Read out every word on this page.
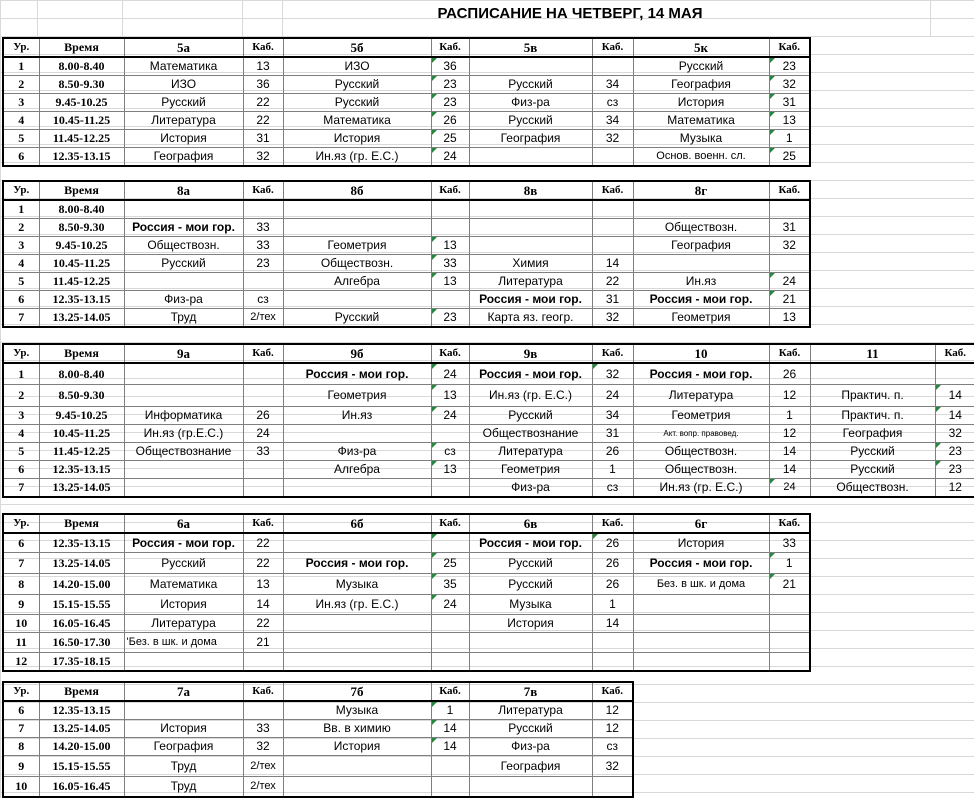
РАСПИСАНИЕ НА ЧЕТВЕРГ, 14 МАЯ
Ур.	Время	5а	Каб.	5б	Каб.	5в	Каб.	5к	Каб.
1	8.00-8.40	Математика	13	ИЗО	36			Русский	23
2	8.50-9.30	ИЗО	36	Русский	23	Русский	34	География	32
3	9.45-10.25	Русский	22	Русский	23	Физ-ра	сз	История	31
4	10.45-11.25	Литература	22	Математика	26	Русский	34	Математика	13
5	11.45-12.25	История	31	История	25	География	32	Музыка	1
6	12.35-13.15	География	32	Ин.яз (гр. Е.С.)	24			Основ. военн. сл.	25
Ур.	Время	8а	Каб.	8б	Каб.	8в	Каб.	8г	Каб.
1	8.00-8.40								
2	8.50-9.30	Россия - мои гор.	33					Обществозн.	31
3	9.45-10.25	Обществозн.	33	Геометрия	13			География	32
4	10.45-11.25	Русский	23	Обществозн.	33	Химия	14		
5	11.45-12.25			Алгебра	13	Литература	22	Ин.яз	24
6	12.35-13.15	Физ-ра	сз			Россия - мои гор.	31	Россия - мои гор.	21
7	13.25-14.05	Труд	2/тех	Русский	23	Карта яз. геогр.	32	Геометрия	13
Ур.	Время	9а	Каб.	9б	Каб.	9в	Каб.	10	Каб.	11	Каб.
1	8.00-8.40			Россия - мои гор.	24	Россия - мои гор.	32	Россия - мои гор.	26		
2	8.50-9.30			Геометрия	13	Ин.яз (гр. Е.С.)	24	Литература	12	Практич. п.	14
3	9.45-10.25	Информатика	26	Ин.яз	24	Русский	34	Геометрия	1	Практич. п.	14
4	10.45-11.25	Ин.яз (гр.Е.С.)	24			Обществознание	31	Акт. вопр. правовед.	12	География	32
5	11.45-12.25	Обществознание	33	Физ-ра	сз	Литература	26	Обществозн.	14	Русский	23
6	12.35-13.15			Алгебра	13	Геометрия	1	Обществозн.	14	Русский	23
7	13.25-14.05					Физ-ра	сз	Ин.яз (гр. Е.С.)	24	Обществозн.	12
Ур.	Время	6а	Каб.	6б	Каб.	6в	Каб.	6г	Каб.
6	12.35-13.15	Россия - мои гор.	22			Россия - мои гор.	26	История	33
7	13.25-14.05	Русский	22	Россия - мои гор.	25	Русский	26	Россия - мои гор.	1
8	14.20-15.00	Математика	13	Музыка	35	Русский	26	Без. в шк. и дома	21
9	15.15-15.55	История	14	Ин.яз (гр. Е.С.)	24	Музыка	1		
10	16.05-16.45	Литература	22			История	14		
11	16.50-17.30	'Без. в шк. и дома	21						
12	17.35-18.15								
Ур.	Время	7а	Каб.	7б	Каб.	7в	Каб.
6	12.35-13.15			Музыка	1	Литература	12
7	13.25-14.05	История	33	Вв. в химию	14	Русский	12
8	14.20-15.00	География	32	История	14	Физ-ра	сз
9	15.15-15.55	Труд	2/тех			География	32
10	16.05-16.45	Труд	2/тех				
